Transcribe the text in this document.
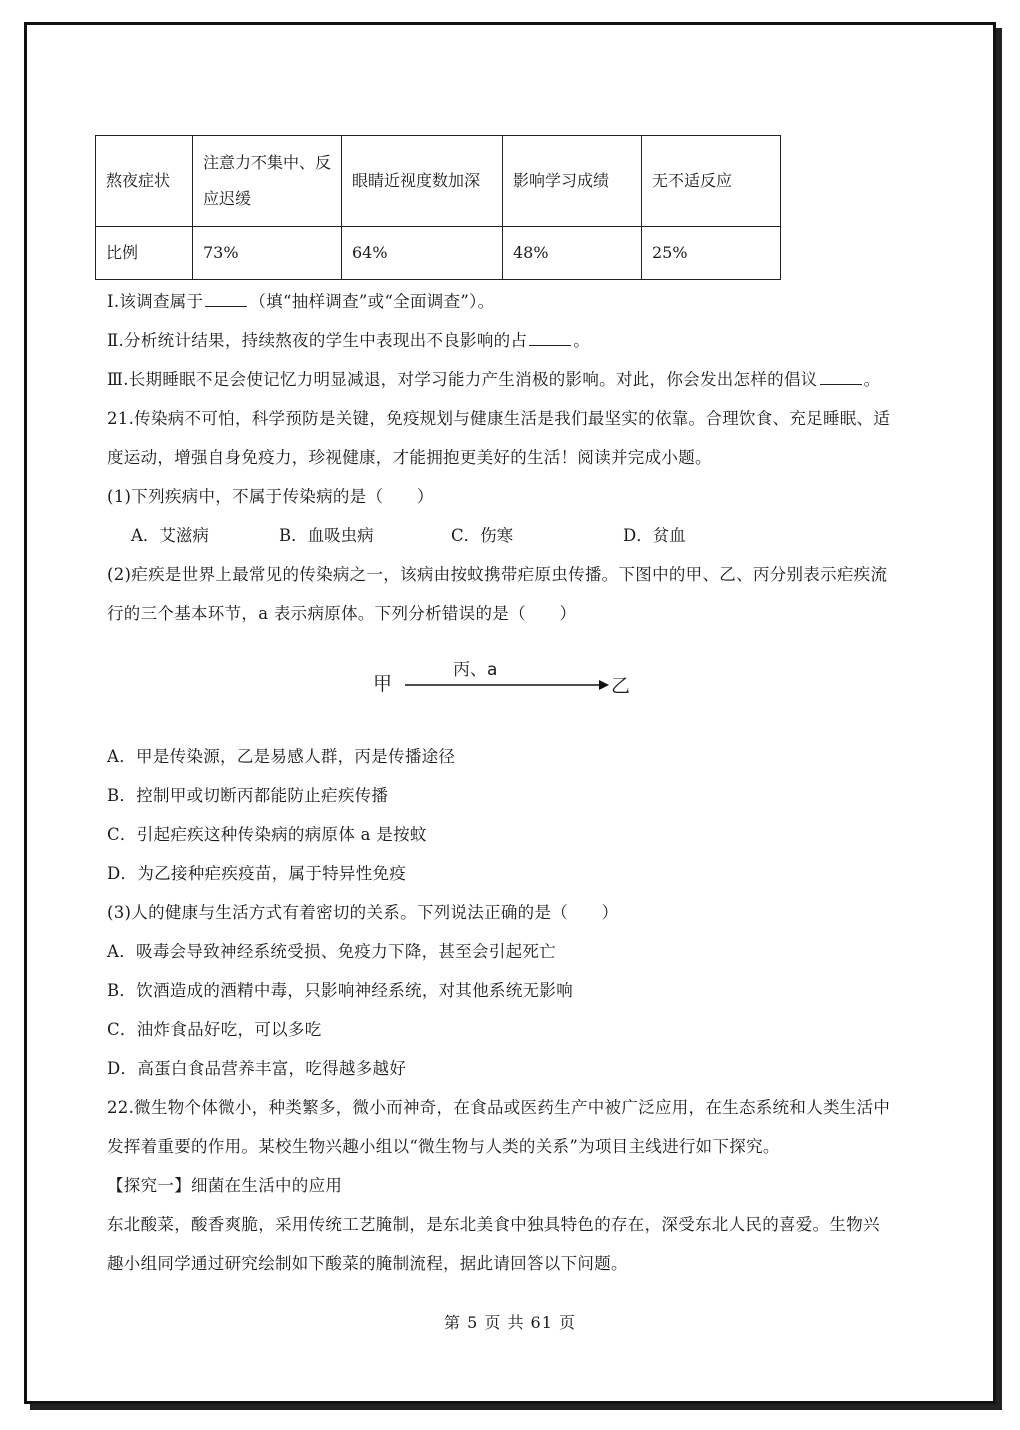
熬夜症状	注意力不集中、反应迟缓	眼睛近视度数加深	影响学习成绩	无不适反应
比例	73%	64%	48%	25%
Ⅰ.该调查属于	（填“抽样调查”或“全面调查”）。
Ⅱ.分析统计结果，持续熬夜的学生中表现出不良影响的占	。
Ⅲ.长期睡眠不足会使记忆力明显减退，对学习能力产生消极的影响。对此，你会发出怎样的倡议	。
21.传染病不可怕，科学预防是关键，免疫规划与健康生活是我们最坚实的依靠。合理饮食、充足睡眠、适
度运动，增强自身免疫力，珍视健康，才能拥抱更美好的生活！阅读并完成小题。
(1)下列疾病中，不属于传染病的是（　　）
A．艾滋病	B．血吸虫病	C．伤寒	D．贫血
(2)疟疾是世界上最常见的传染病之一，该病由按蚊携带疟原虫传播。下图中的甲、乙、丙分别表示疟疾流
行的三个基本环节，a 表示病原体。下列分析错误的是（　　）
甲
丙、a
乙
A．甲是传染源，乙是易感人群，丙是传播途径
B．控制甲或切断丙都能防止疟疾传播
C．引起疟疾这种传染病的病原体 a 是按蚊
D．为乙接种疟疾疫苗，属于特异性免疫
(3)人的健康与生活方式有着密切的关系。下列说法正确的是（　　）
A．吸毒会导致神经系统受损、免疫力下降，甚至会引起死亡
B．饮酒造成的酒精中毒，只影响神经系统，对其他系统无影响
C．油炸食品好吃，可以多吃
D．高蛋白食品营养丰富，吃得越多越好
22.微生物个体微小，种类繁多，微小而神奇，在食品或医药生产中被广泛应用，在生态系统和人类生活中
发挥着重要的作用。某校生物兴趣小组以“微生物与人类的关系”为项目主线进行如下探究。
【探究一】细菌在生活中的应用
东北酸菜，酸香爽脆，采用传统工艺腌制，是东北美食中独具特色的存在，深受东北人民的喜爱。生物兴
趣小组同学通过研究绘制如下酸菜的腌制流程，据此请回答以下问题。
第 5 页 共 61 页
